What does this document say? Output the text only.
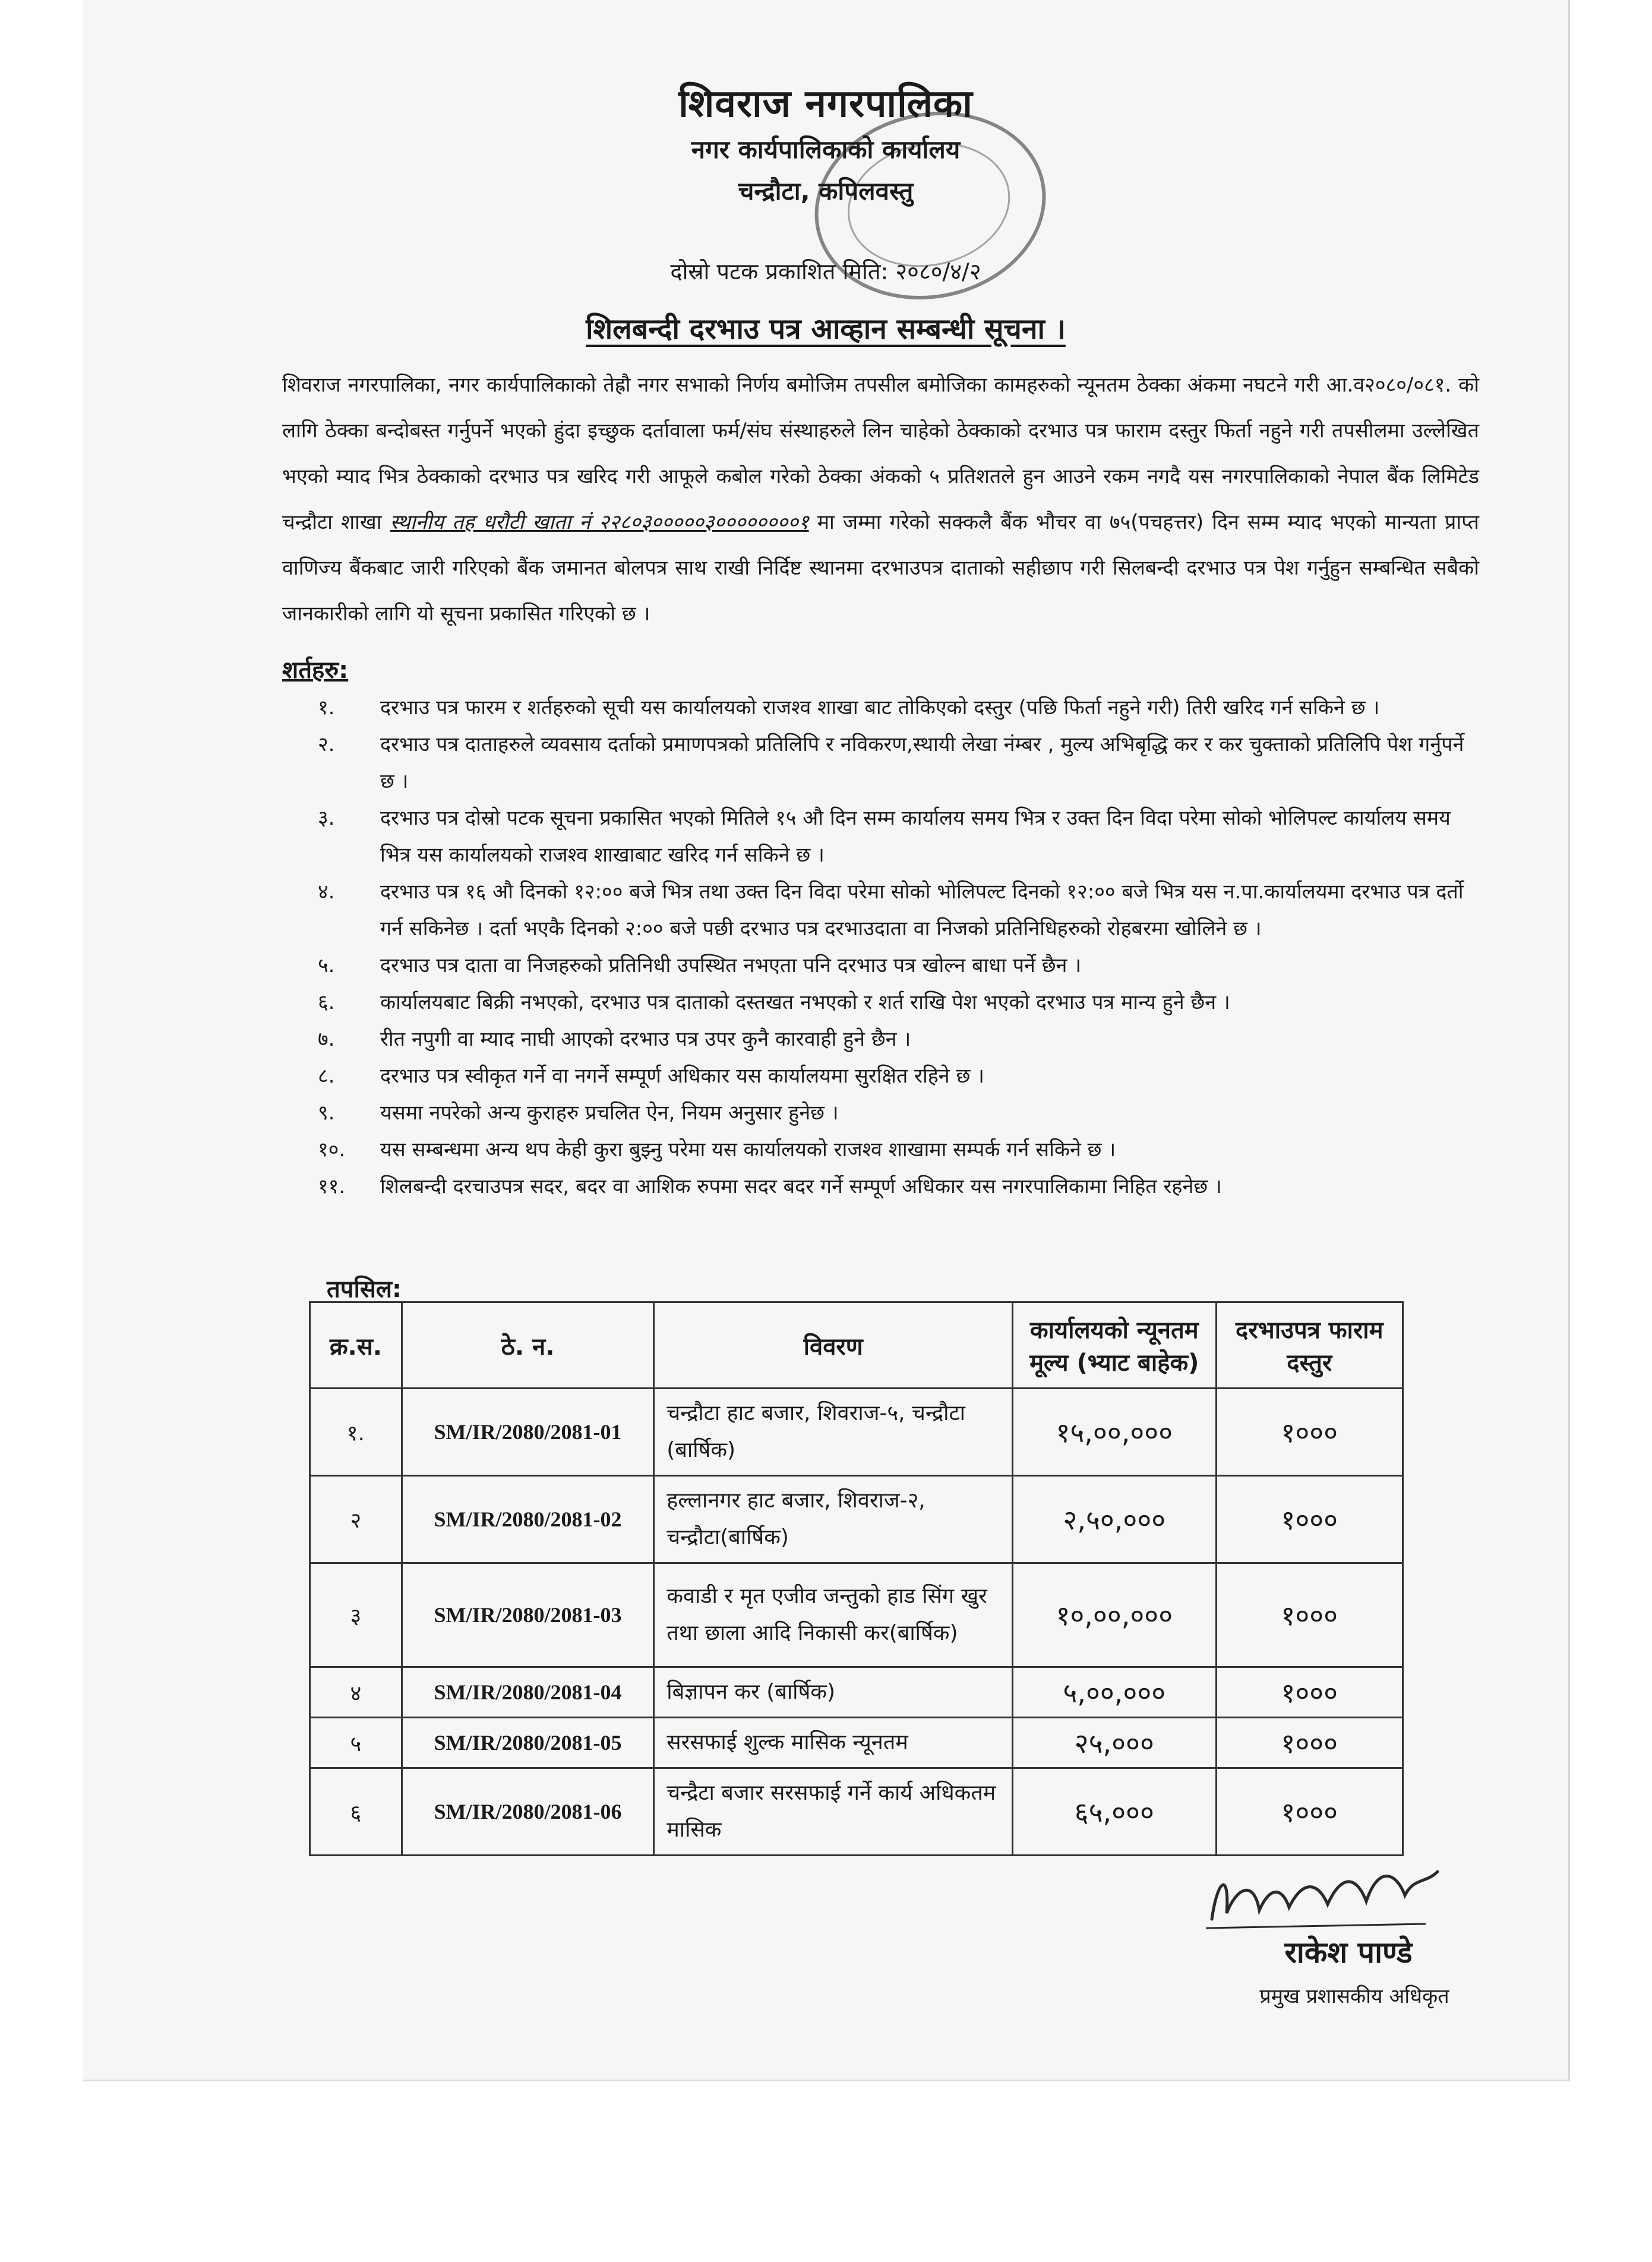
शिवराज नगरपालिका
नगर कार्यपालिकाको कार्यालय
चन्द्रौटा, कपिलवस्तु
दोस्रो पटक प्रकाशित मिति: २०८०/४/२
शिलबन्दी दरभाउ पत्र आव्हान सम्बन्धी सूचना ।
शिवराज नगरपालिका, नगर कार्यपालिकाको तेह्रौ नगर सभाको निर्णय बमोजिम तपसील बमोजिका कामहरुको न्यूनतम ठेक्का अंकमा नघटने गरी आ.व२०८०/०८१. को लागि ठेक्का बन्दोबस्त गर्नुपर्ने भएको हुंदा इच्छुक दर्तावाला फर्म/संघ संस्थाहरुले लिन चाहेको ठेक्काको दरभाउ पत्र फाराम दस्तुर फिर्ता नहुने गरी तपसीलमा उल्लेखित भएको म्याद भित्र ठेक्काको दरभाउ पत्र खरिद गरी आफूले कबोल गरेको ठेक्का अंकको ५ प्रतिशतले हुन आउने रकम नगदै यस नगरपालिकाको नेपाल बैंक लिमिटेड चन्द्रौटा शाखा स्थानीय तह धरौटी खाता नं २२८०३०००००३००००००००१ मा जम्मा गरेको सक्कलै बैंक भौचर वा ७५(पचहत्तर) दिन सम्म म्याद भएको मान्यता प्राप्त वाणिज्य बैंकबाट जारी गरिएको बैंक जमानत बोलपत्र साथ राखी निर्दिष्ट स्थानमा दरभाउपत्र दाताको सहीछाप गरी सिलबन्दी दरभाउ पत्र पेश गर्नुहुन सम्बन्धित सबैको जानकारीको लागि यो सूचना प्रकासित गरिएको छ ।
शर्तहरु:
१. दरभाउ पत्र फारम र शर्तहरुको सूची यस कार्यालयको राजश्व शाखा बाट तोकिएको दस्तुर (पछि फिर्ता नहुने गरी) तिरी खरिद गर्न सकिने छ ।
२. दरभाउ पत्र दाताहरुले व्यवसाय दर्ताको प्रमाणपत्रको प्रतिलिपि र नविकरण,स्थायी लेखा नंम्बर , मुल्य अभिबृद्धि कर र कर चुक्ताको प्रतिलिपि पेश गर्नुपर्ने छ ।
३. दरभाउ पत्र दोस्रो पटक सूचना प्रकासित भएको मितिले १५ औ दिन सम्म कार्यालय समय भित्र र उक्त दिन विदा परेमा सोको भोलिपल्ट कार्यालय समय भित्र यस कार्यालयको राजश्व शाखाबाट खरिद गर्न सकिने छ ।
४. दरभाउ पत्र १६ औ दिनको १२:०० बजे भित्र तथा उक्त दिन विदा परेमा सोको भोलिपल्ट दिनको १२:०० बजे भित्र यस न.पा.कार्यालयमा दरभाउ पत्र दर्तो गर्न सकिनेछ । दर्ता भएकै दिनको २:०० बजे पछी दरभाउ पत्र दरभाउदाता वा निजको प्रतिनिधिहरुको रोहबरमा खोलिने छ ।
५. दरभाउ पत्र दाता वा निजहरुको प्रतिनिधी उपस्थित नभएता पनि दरभाउ पत्र खोल्न बाधा पर्ने छैन ।
६. कार्यालयबाट बिक्री नभएको, दरभाउ पत्र दाताको दस्तखत नभएको र शर्त राखि पेश भएको दरभाउ पत्र मान्य हुने छैन ।
७. रीत नपुगी वा म्याद नाघी आएको दरभाउ पत्र उपर कुनै कारवाही हुने छैन ।
८. दरभाउ पत्र स्वीकृत गर्ने वा नगर्ने सम्पूर्ण अधिकार यस कार्यालयमा सुरक्षित रहिने छ ।
९. यसमा नपरेको अन्य कुराहरु प्रचलित ऐन, नियम अनुसार हुनेछ ।
१०. यस सम्बन्धमा अन्य थप केही कुरा बुझ्नु परेमा यस कार्यालयको राजश्व शाखामा सम्पर्क गर्न सकिने छ ।
११. शिलबन्दी दरचाउपत्र सदर, बदर वा आशिक रुपमा सदर बदर गर्ने सम्पूर्ण अधिकार यस नगरपालिकामा निहित रहनेछ ।
तपसिल:
क्र.स.	ठे. न.	विवरण	कार्यालयको न्यूनतम मूल्य (भ्याट बाहेक)	दरभाउपत्र फाराम दस्तुर
१.	SM/IR/2080/2081-01	चन्द्रौटा हाट बजार, शिवराज-५, चन्द्रौटा (बार्षिक)	१५,००,०००	१०००
२	SM/IR/2080/2081-02	हल्लानगर हाट बजार, शिवराज-२, चन्द्रौटा(बार्षिक)	२,५०,०००	१०००
३	SM/IR/2080/2081-03	कवाडी र मृत एजीव जन्तुको हाड सिंग खुर तथा छाला आदि निकासी कर(बार्षिक)	१०,००,०००	१०००
४	SM/IR/2080/2081-04	बिज्ञापन कर (बार्षिक)	५,००,०००	१०००
५	SM/IR/2080/2081-05	सरसफाई शुल्क मासिक न्यूनतम	२५,०००	१०००
६	SM/IR/2080/2081-06	चन्द्रैटा बजार सरसफाई गर्ने कार्य अधिकतम मासिक	६५,०००	१०००
राकेश पाण्डे
प्रमुख प्रशासकीय अधिकृत
